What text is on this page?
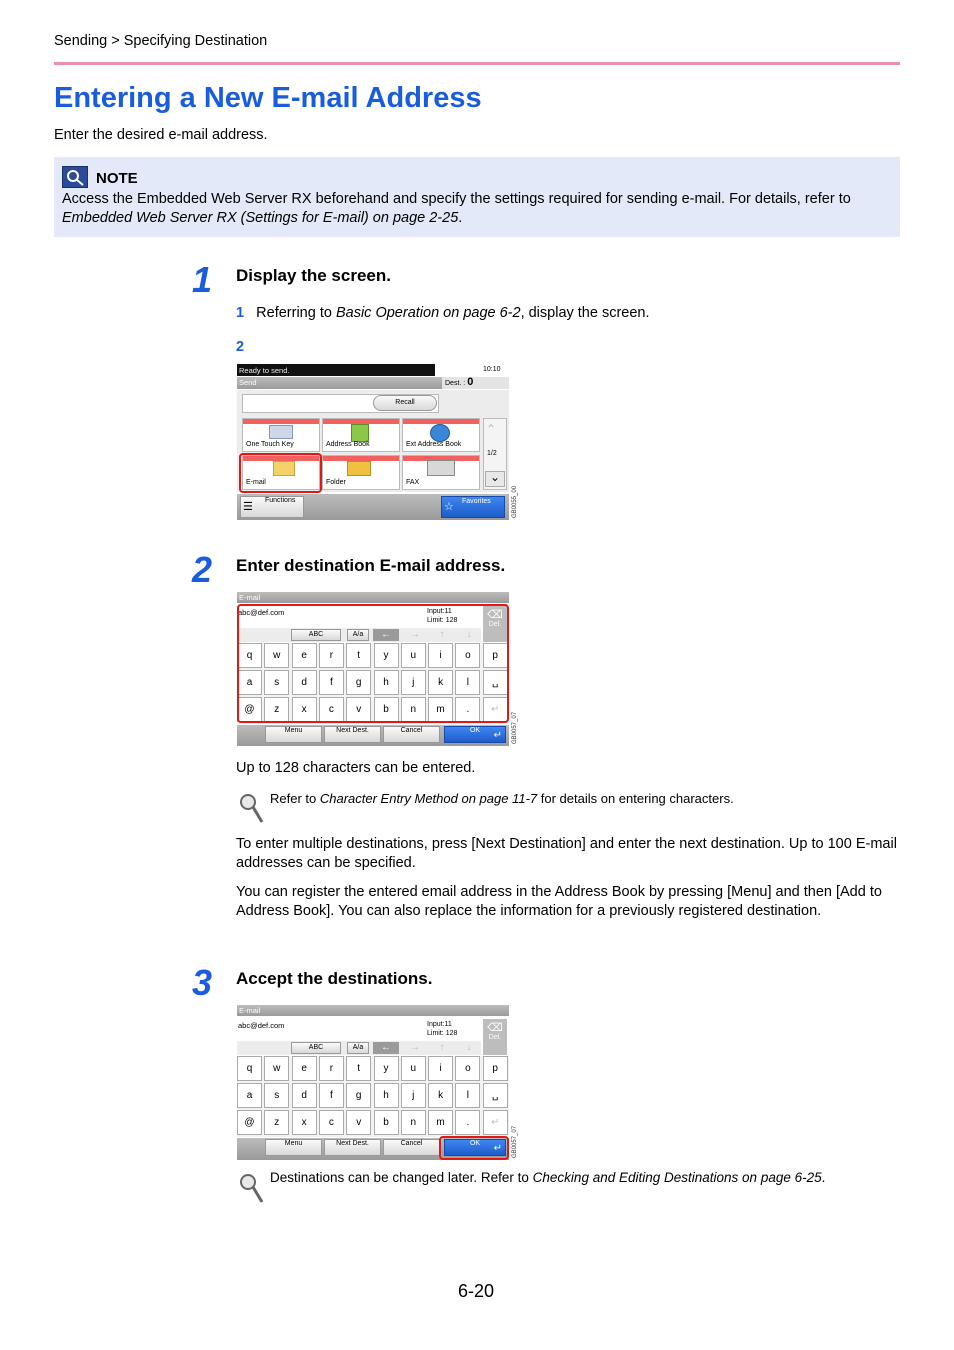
Sending > Specifying Destination
Entering a New E-mail Address
Enter the desired e-mail address.
NOTE
Access the Embedded Web Server RX beforehand and specify the settings required for sending e-mail. For details, refer to Embedded Web Server RX (Settings for E-mail) on page 2-25.
1 Display the screen.
1 Referring to Basic Operation on page 6-2, display the screen.
2
Ready to send.	10:10
Send	Dest. : 0
Recall
One Touch Key	Address Book	Ext Address Book
⌃
1/2
⌄
E-mail	Folder	FAX
Functions
☰	Favorites
☆	GB0055_00
2 Enter destination E-mail address.
E-mail
abc@def.com	Input:11
Limit: 128	⌫
Del.
ABC	A/a	←	→	↑	↓
q	w	e	r	t	y	u	i	o	p
a	s	d	f	g	h	j	k	l
@	z	x	c	v	b	n	m	.
␣
↵
Menu	Next Dest.	Cancel	OK ↵ GB0057_07
Up to 128 characters can be entered.
Refer to Character Entry Method on page 11-7 for details on entering characters.
To enter multiple destinations, press [Next Destination] and enter the next destination. Up to 100 E-mail addresses can be specified.
You can register the entered email address in the Address Book by pressing [Menu] and then [Add to Address Book]. You can also replace the information for a previously registered destination.
3 Accept the destinations.
E-mail
abc@def.com	Input:11
Limit: 128	⌫
Del.
ABC	A/a	←	→	↑	↓
q	w	e	r	t	y	u	i	o	p
a	s	d	f	g	h	j	k	l
@	z	x	c	v	b	n	m	.
␣
↵
Menu	Next Dest.	Cancel	OK ↵ GB0057_07
Destinations can be changed later. Refer to Checking and Editing Destinations on page 6-25.
6-20
